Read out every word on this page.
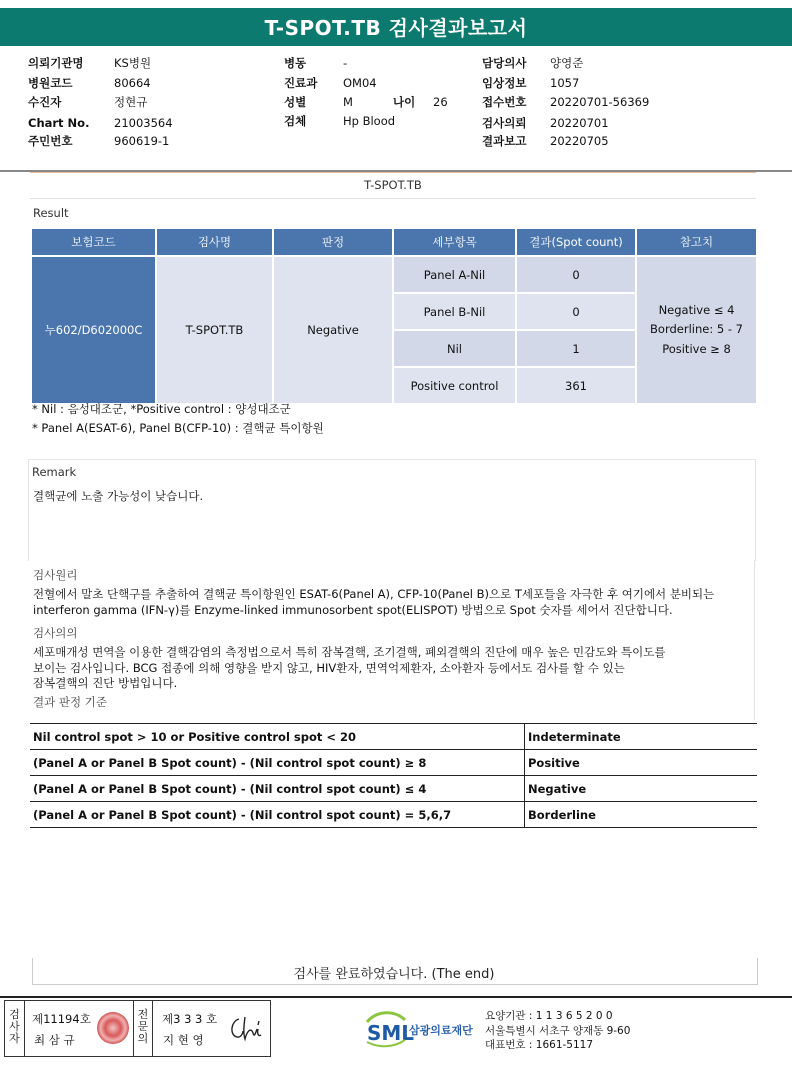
T-SPOT.TB 검사결과보고서
의뢰기관명	KS병원
병원코드	80664
수진자	정현규
Chart No. 21003564
주민번호	960619-1
병동	-
진료과 OM04
성별	M	나이 26
검체	Hp Blood
담당의사 양영준
임상정보 1057
접수번호 20220701-56369
검사의뢰 20220701
결과보고 20220705
T-SPOT.TB
Result
보험코드	검사명	판정	세부항목	결과(Spot count)	참고치
누602/D602000C	T-SPOT.TB	Negative	Panel A-Nil	0	Negative ≤ 4
Borderline: 5 - 7
Positive ≥ 8

			Panel B-Nil	0	
			Nil	1	
			Positive control	361	
* Nil : 음성대조군, *Positive control : 양성대조군
* Panel A(ESAT-6), Panel B(CFP-10) : 결핵균 특이항원
Remark
결핵균에 노출 가능성이 낮습니다.
검사원리
전혈에서 말초 단핵구를 추출하여 결핵균 특이항원인 ESAT-6(Panel A), CFP-10(Panel B)으로 T세포들을 자극한 후 여기에서 분비되는
interferon gamma (IFN-γ)를 Enzyme-linked immunosorbent spot(ELISPOT) 방법으로 Spot 숫자를 세어서 진단합니다.
검사의의
세포매개성 면역을 이용한 결핵감염의 측정법으로서 특히 잠복결핵, 조기결핵, 폐외결핵의 진단에 매우 높은 민감도와 특이도를
보이는 검사입니다. BCG 접종에 의해 영향을 받지 않고, HIV환자, 면역억제환자, 소아환자 등에서도 검사를 할 수 있는
잠복결핵의 진단 방법입니다.
결과 판정 기준
Nil control spot > 10 or Positive control spot < 20	Indeterminate
(Panel A or Panel B Spot count) - (Nil control spot count) ≥ 8	Positive
(Panel A or Panel B Spot count) - (Nil control spot count) ≤ 4	Negative
(Panel A or Panel B Spot count) - (Nil control spot count) = 5,6,7	Borderline
검사를 완료하였습니다. (The end)
검
사
자
제11194호
최 삼 규
전
문
의
제3 3 3 호
지 현 영	SML
삼광의료재단
요양기관 : 1 1 3 6 5 2 0 0
서울특별시 서초구 양재동 9-60
대표번호 : 1661-5117
